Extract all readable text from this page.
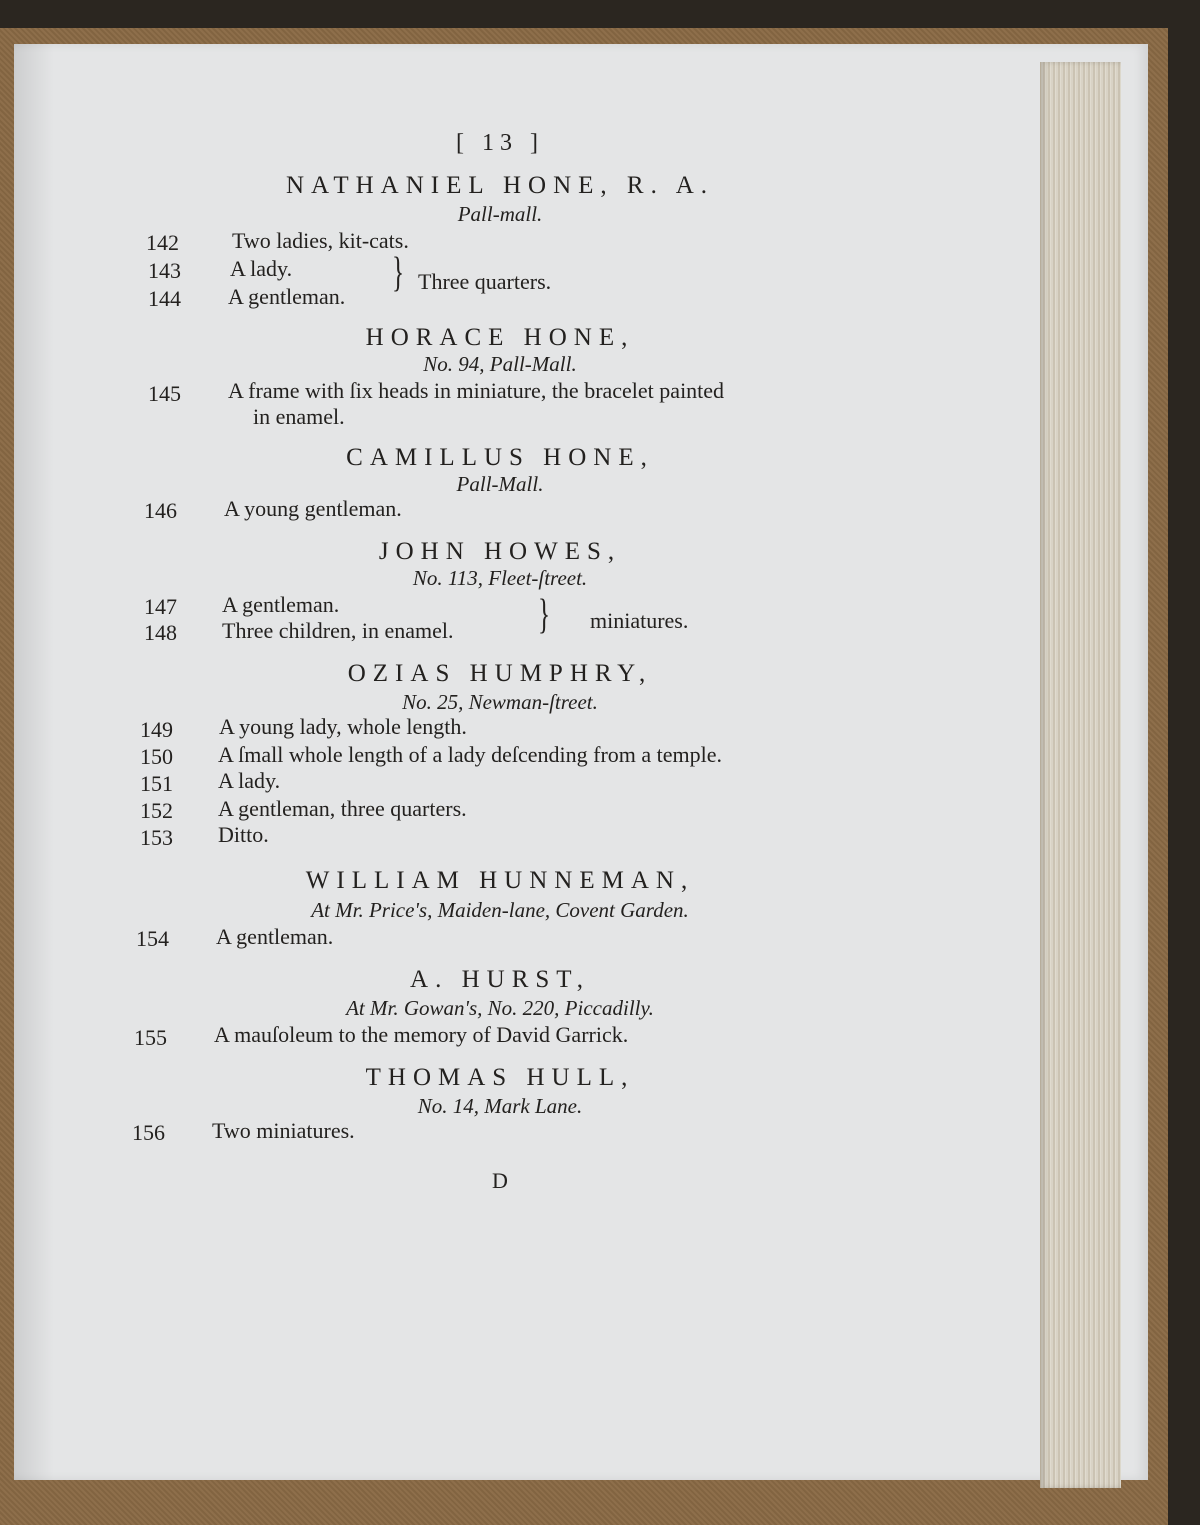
[ 13 ]
NATHANIEL HONE, R. A.
Pall-mall.
142 Two ladies, kit-cats.
143 A lady.
144 A gentleman.
} Three quarters.
HORACE HONE,
No. 94, Pall-Mall.
145 A frame with ſix heads in miniature, the bracelet painted
in enamel.
CAMILLUS HONE,
Pall-Mall.
146 A young gentleman.
JOHN HOWES,
No. 113, Fleet-ſtreet.
147 A gentleman.
148 Three children, in enamel. } miniatures.
OZIAS HUMPHRY,
No. 25, Newman-ſtreet.
149 A young lady, whole length.
150 A ſmall whole length of a lady deſcending from a temple.
151 A lady.
152 A gentleman, three quarters.
153 Ditto.
WILLIAM HUNNEMAN,
At Mr. Price's, Maiden-lane, Covent Garden.
154 A gentleman.
A. HURST,
At Mr. Gowan's, No. 220, Piccadilly.
155 A mauſoleum to the memory of David Garrick.
THOMAS HULL,
No. 14, Mark Lane.
156 Two miniatures.
D
